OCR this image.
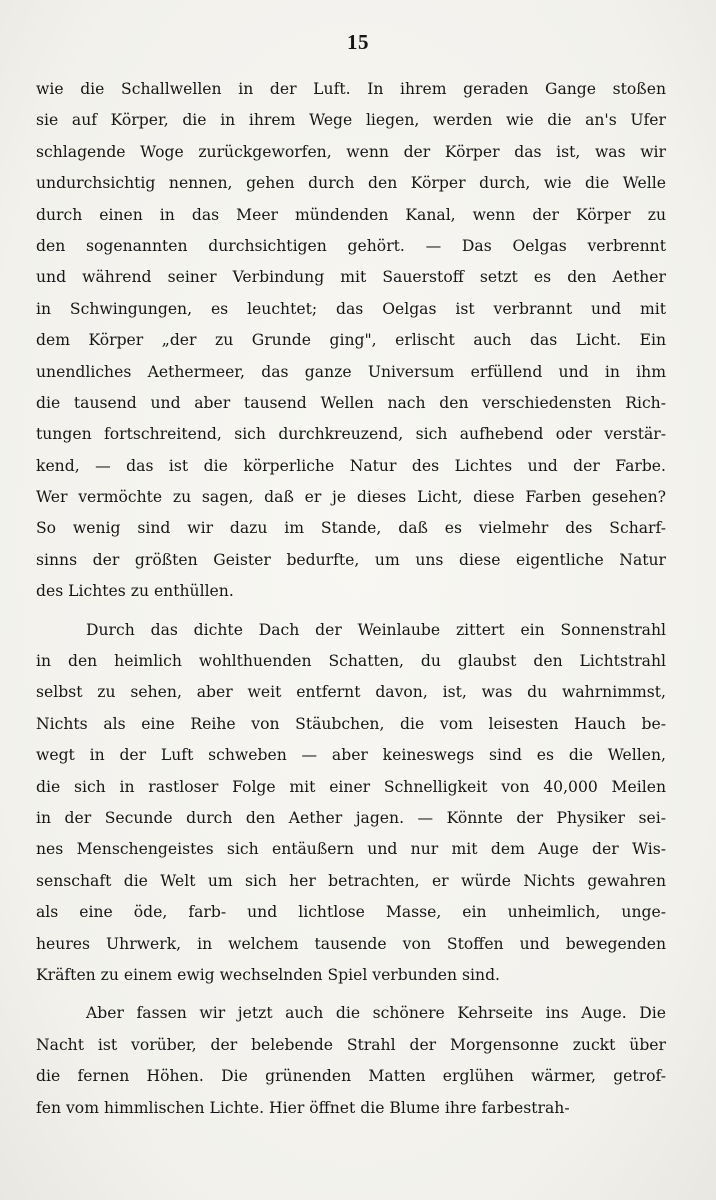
15
wie die Schallwellen in der Luft. In ihrem geraden Gange stoßen
sie auf Körper, die in ihrem Wege liegen, werden wie die an's Ufer
schlagende Woge zurückgeworfen, wenn der Körper das ist, was wir
undurchsichtig nennen, gehen durch den Körper durch, wie die Welle
durch einen in das Meer mündenden Kanal, wenn der Körper zu
den sogenannten durchsichtigen gehört. — Das Oelgas verbrennt
und während seiner Verbindung mit Sauerstoff setzt es den Aether
in Schwingungen, es leuchtet; das Oelgas ist verbrannt und mit
dem Körper „der zu Grunde ging", erlischt auch das Licht. Ein
unendliches Aethermeer, das ganze Universum erfüllend und in ihm
die tausend und aber tausend Wellen nach den verschiedensten Rich-
tungen fortschreitend, sich durchkreuzend, sich aufhebend oder verstär-
kend, — das ist die körperliche Natur des Lichtes und der Farbe.
Wer vermöchte zu sagen, daß er je dieses Licht, diese Farben gesehen?
So wenig sind wir dazu im Stande, daß es vielmehr des Scharf-
sinns der größten Geister bedurfte, um uns diese eigentliche Natur
des Lichtes zu enthüllen.
Durch das dichte Dach der Weinlaube zittert ein Sonnenstrahl
in den heimlich wohlthuenden Schatten, du glaubst den Lichtstrahl
selbst zu sehen, aber weit entfernt davon, ist, was du wahrnimmst,
Nichts als eine Reihe von Stäubchen, die vom leisesten Hauch be-
wegt in der Luft schweben — aber keineswegs sind es die Wellen,
die sich in rastloser Folge mit einer Schnelligkeit von 40,000 Meilen
in der Secunde durch den Aether jagen. — Könnte der Physiker sei-
nes Menschengeistes sich entäußern und nur mit dem Auge der Wis-
senschaft die Welt um sich her betrachten, er würde Nichts gewahren
als eine öde, farb- und lichtlose Masse, ein unheimlich, unge-
heures Uhrwerk, in welchem tausende von Stoffen und bewegenden
Kräften zu einem ewig wechselnden Spiel verbunden sind.
Aber fassen wir jetzt auch die schönere Kehrseite ins Auge. Die
Nacht ist vorüber, der belebende Strahl der Morgensonne zuckt über
die fernen Höhen. Die grünenden Matten erglühen wärmer, getrof-
fen vom himmlischen Lichte. Hier öffnet die Blume ihre farbestrah-
